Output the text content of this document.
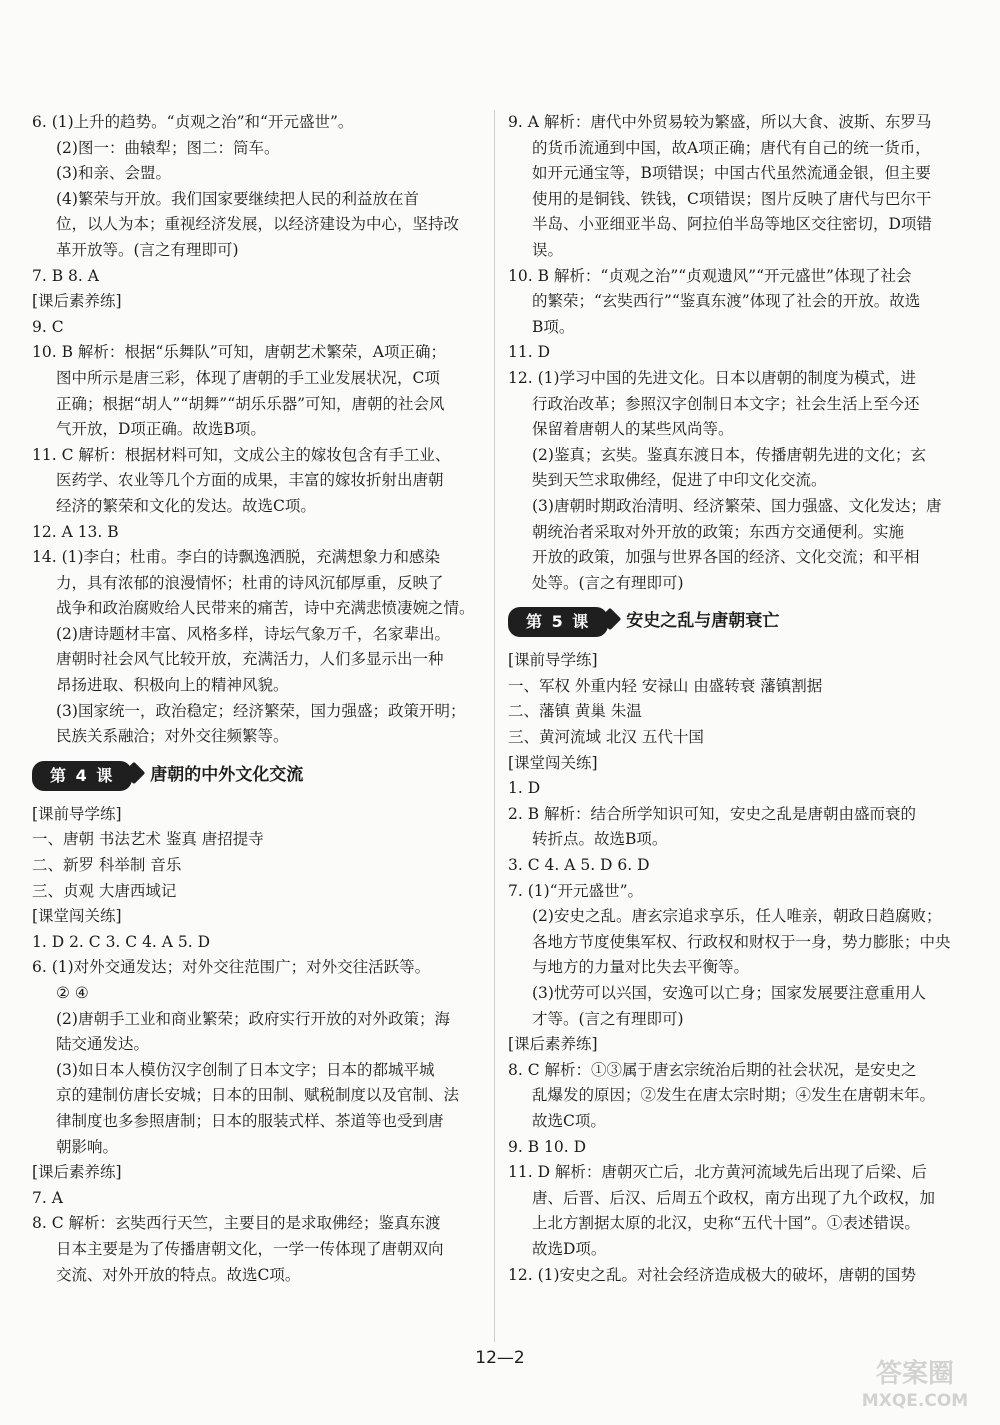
6. (1)上升的趋势。“贞观之治”和“开元盛世”。
(2)图一：曲辕犁；图二：筒车。
(3)和亲、会盟。
(4)繁荣与开放。我们国家要继续把人民的利益放在首
位，以人为本；重视经济发展，以经济建设为中心，坚持改
革开放等。(言之有理即可)
7. B 8. A
[课后素养练]
9. C
10. B 解析：根据“乐舞队”可知，唐朝艺术繁荣，A项正确；
图中所示是唐三彩，体现了唐朝的手工业发展状况，C项
正确；根据“胡人”“胡舞”“胡乐乐器”可知，唐朝的社会风
气开放，D项正确。故选B项。
11. C 解析：根据材料可知，文成公主的嫁妆包含有手工业、
医药学、农业等几个方面的成果，丰富的嫁妆折射出唐朝
经济的繁荣和文化的发达。故选C项。
12. A 13. B
14. (1)李白；杜甫。李白的诗飘逸洒脱，充满想象力和感染
力，具有浓郁的浪漫情怀；杜甫的诗风沉郁厚重，反映了
战争和政治腐败给人民带来的痛苦，诗中充满悲愤凄婉之情。
(2)唐诗题材丰富、风格多样，诗坛气象万千，名家辈出。
唐朝时社会风气比较开放，充满活力，人们多显示出一种
昂扬进取、积极向上的精神风貌。
(3)国家统一，政治稳定；经济繁荣，国力强盛；政策开明；
民族关系融洽；对外交往频繁等。
第 4 课	唐朝的中外文化交流
[课前导学练]
一、唐朝 书法艺术 鉴真 唐招提寺
二、新罗 科举制 音乐
三、贞观 大唐西域记
[课堂闯关练]
1. D 2. C 3. C 4. A 5. D
6. (1)对外交通发达；对外交往范围广；对外交往活跃等。
② ④
(2)唐朝手工业和商业繁荣；政府实行开放的对外政策；海
陆交通发达。
(3)如日本人模仿汉字创制了日本文字；日本的都城平城
京的建制仿唐长安城；日本的田制、赋税制度以及官制、法
律制度也多参照唐制；日本的服装式样、茶道等也受到唐
朝影响。
[课后素养练]
7. A
8. C 解析：玄奘西行天竺，主要目的是求取佛经；鉴真东渡
日本主要是为了传播唐朝文化，一学一传体现了唐朝双向
交流、对外开放的特点。故选C项。
9. A 解析：唐代中外贸易较为繁盛，所以大食、波斯、东罗马
的货币流通到中国，故A项正确；唐代有自己的统一货币，
如开元通宝等，B项错误；中国古代虽然流通金银，但主要
使用的是铜钱、铁钱，C项错误；图片反映了唐代与巴尔干
半岛、小亚细亚半岛、阿拉伯半岛等地区交往密切，D项错
误。
10. B 解析：“贞观之治”“贞观遗风”“开元盛世”体现了社会
的繁荣；“玄奘西行”“鉴真东渡”体现了社会的开放。故选
B项。
11. D
12. (1)学习中国的先进文化。日本以唐朝的制度为模式，进
行政治改革；参照汉字创制日本文字；社会生活上至今还
保留着唐朝人的某些风尚等。
(2)鉴真；玄奘。鉴真东渡日本，传播唐朝先进的文化；玄
奘到天竺求取佛经，促进了中印文化交流。
(3)唐朝时期政治清明、经济繁荣、国力强盛、文化发达；唐
朝统治者采取对外开放的政策；东西方交通便利。实施
开放的政策，加强与世界各国的经济、文化交流；和平相
处等。(言之有理即可)
第 5 课	安史之乱与唐朝衰亡
[课前导学练]
一、军权 外重内轻 安禄山 由盛转衰 藩镇割据
二、藩镇 黄巢 朱温
三、黄河流域 北汉 五代十国
[课堂闯关练]
1. D
2. B 解析：结合所学知识可知，安史之乱是唐朝由盛而衰的
转折点。故选B项。
3. C 4. A 5. D 6. D
7. (1)“开元盛世”。
(2)安史之乱。唐玄宗追求享乐，任人唯亲，朝政日趋腐败；
各地方节度使集军权、行政权和财权于一身，势力膨胀；中央
与地方的力量对比失去平衡等。
(3)忧劳可以兴国，安逸可以亡身；国家发展要注意重用人
才等。(言之有理即可)
[课后素养练]
8. C 解析：①③属于唐玄宗统治后期的社会状况，是安史之
乱爆发的原因；②发生在唐太宗时期；④发生在唐朝末年。
故选C项。
9. B 10. D
11. D 解析：唐朝灭亡后，北方黄河流域先后出现了后梁、后
唐、后晋、后汉、后周五个政权，南方出现了九个政权，加
上北方割据太原的北汉，史称“五代十国”。①表述错误。
故选D项。
12. (1)安史之乱。对社会经济造成极大的破坏，唐朝的国势
12—2
答案圈
MXQE.COM
